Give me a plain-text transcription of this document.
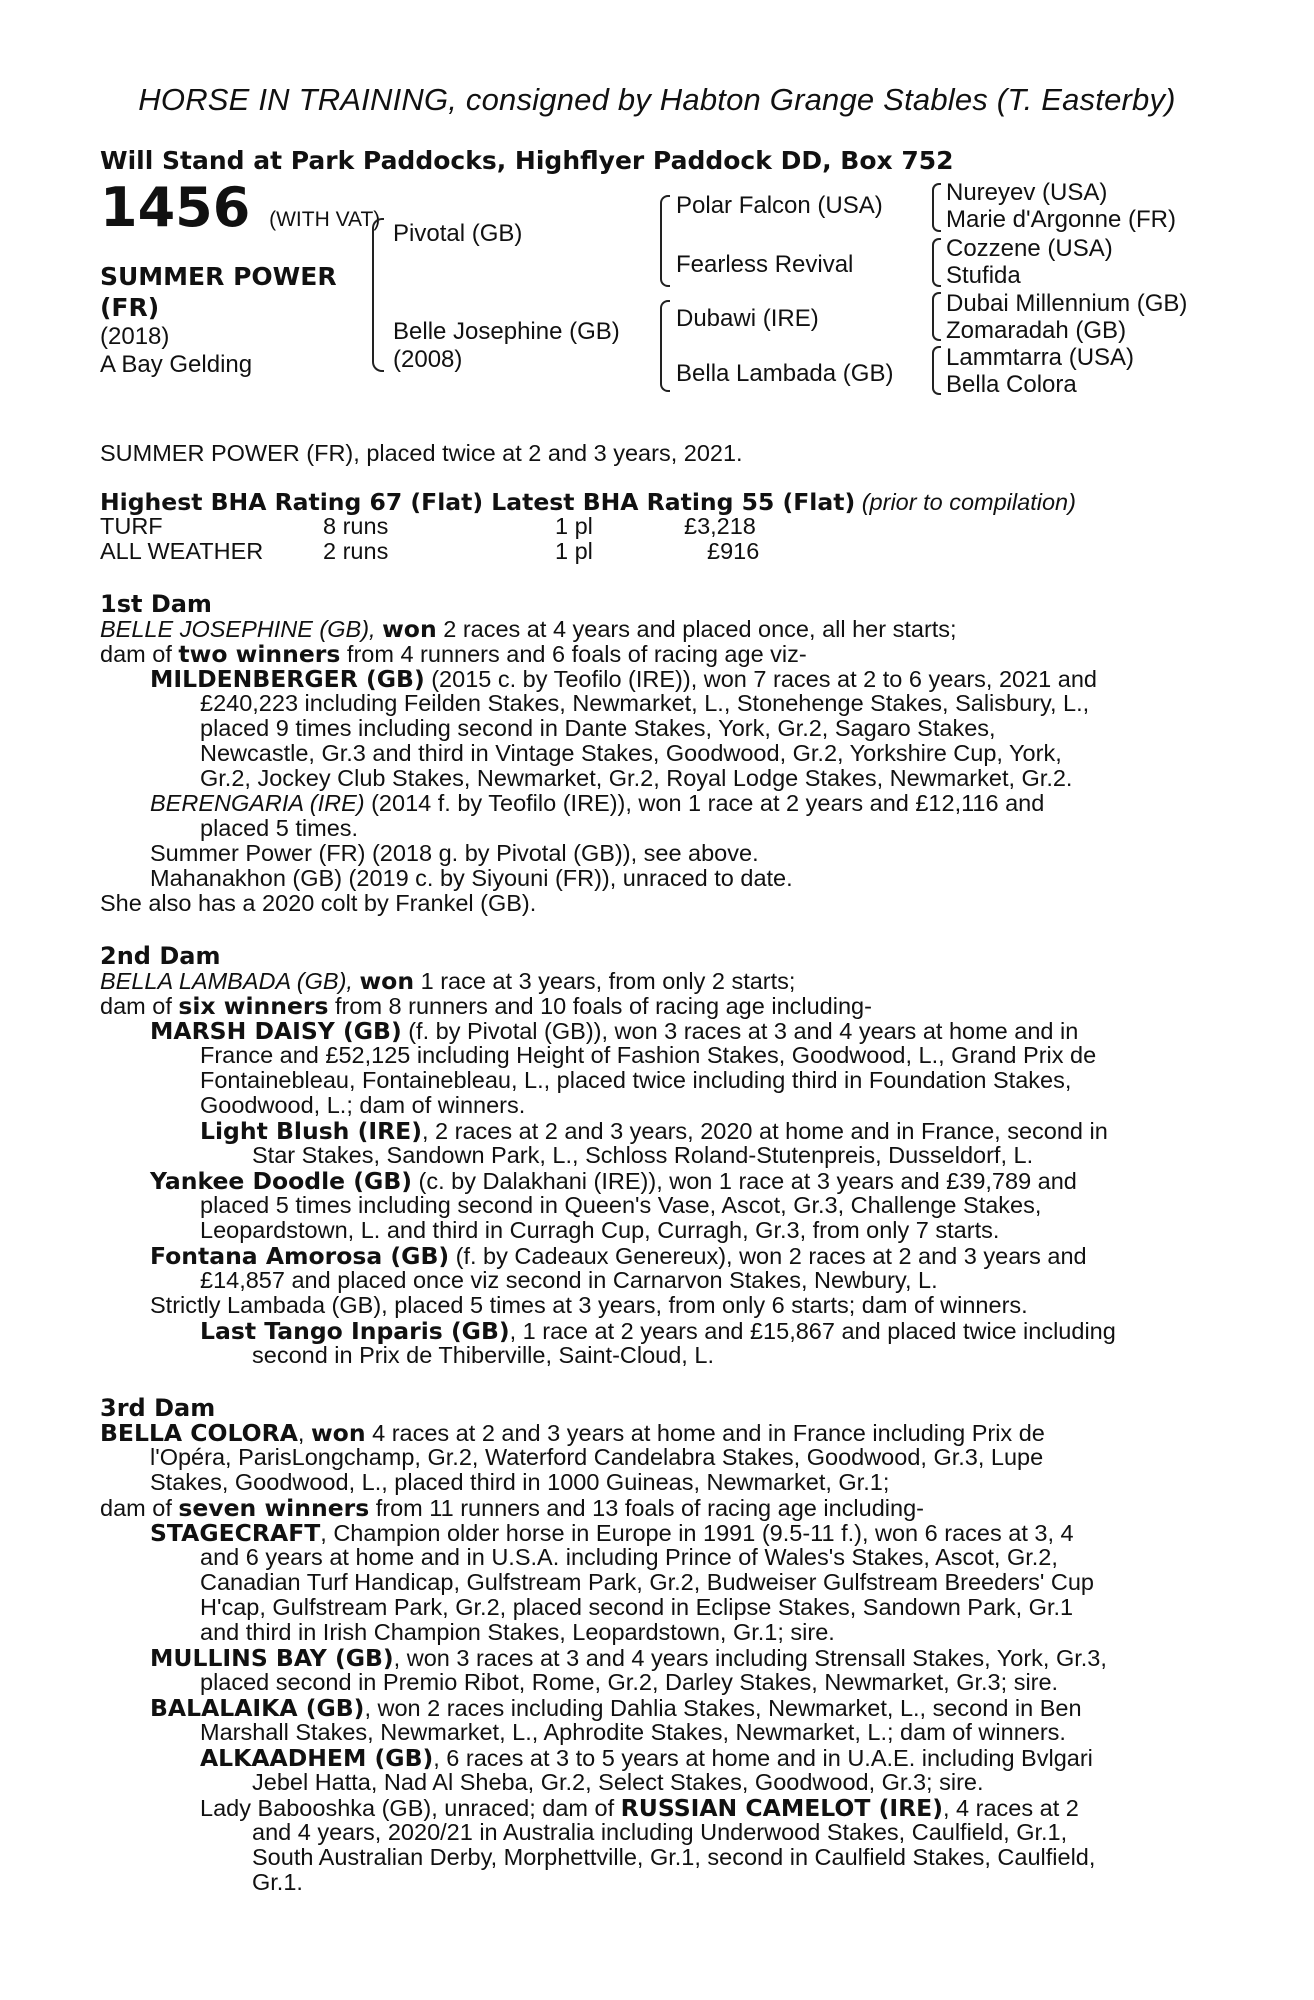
HORSE IN TRAINING, consigned by Habton Grange Stables (T. Easterby)
Will Stand at Park Paddocks, Highflyer Paddock DD, Box 752
1456 (WITH VAT)
SUMMER POWER (FR)
(2018)
A Bay Gelding
Pivotal (GB)
Belle Josephine (GB)
(2008)
Polar Falcon (USA)
Fearless Revival
Dubawi (IRE)
Bella Lambada (GB)
Nureyev (USA)
Marie d'Argonne (FR)
Cozzene (USA)
Stufida
Dubai Millennium (GB)
Zomaradah (GB)
Lammtarra (USA)
Bella Colora
SUMMER POWER (FR), placed twice at 2 and 3 years, 2021.
Highest BHA Rating 67 (Flat) Latest BHA Rating 55 (Flat) (prior to compilation)
TURF	8 runs	1 pl	£3,218
ALL WEATHER	2 runs	1 pl	£916
1st Dam
BELLE JOSEPHINE (GB), won 2 races at 4 years and placed once, all her starts;
dam of two winners from 4 runners and 6 foals of racing age viz-
MILDENBERGER (GB) (2015 c. by Teofilo (IRE)), won 7 races at 2 to 6 years, 2021 and
£240,223 including Feilden Stakes, Newmarket, L., Stonehenge Stakes, Salisbury, L.,
placed 9 times including second in Dante Stakes, York, Gr.2, Sagaro Stakes,
Newcastle, Gr.3 and third in Vintage Stakes, Goodwood, Gr.2, Yorkshire Cup, York,
Gr.2, Jockey Club Stakes, Newmarket, Gr.2, Royal Lodge Stakes, Newmarket, Gr.2.
BERENGARIA (IRE) (2014 f. by Teofilo (IRE)), won 1 race at 2 years and £12,116 and
placed 5 times.
Summer Power (FR) (2018 g. by Pivotal (GB)), see above.
Mahanakhon (GB) (2019 c. by Siyouni (FR)), unraced to date.
She also has a 2020 colt by Frankel (GB).
2nd Dam
BELLA LAMBADA (GB), won 1 race at 3 years, from only 2 starts;
dam of six winners from 8 runners and 10 foals of racing age including-
MARSH DAISY (GB) (f. by Pivotal (GB)), won 3 races at 3 and 4 years at home and in
France and £52,125 including Height of Fashion Stakes, Goodwood, L., Grand Prix de
Fontainebleau, Fontainebleau, L., placed twice including third in Foundation Stakes,
Goodwood, L.; dam of winners.
Light Blush (IRE), 2 races at 2 and 3 years, 2020 at home and in France, second in
Star Stakes, Sandown Park, L., Schloss Roland-Stutenpreis, Dusseldorf, L.
Yankee Doodle (GB) (c. by Dalakhani (IRE)), won 1 race at 3 years and £39,789 and
placed 5 times including second in Queen's Vase, Ascot, Gr.3, Challenge Stakes,
Leopardstown, L. and third in Curragh Cup, Curragh, Gr.3, from only 7 starts.
Fontana Amorosa (GB) (f. by Cadeaux Genereux), won 2 races at 2 and 3 years and
£14,857 and placed once viz second in Carnarvon Stakes, Newbury, L.
Strictly Lambada (GB), placed 5 times at 3 years, from only 6 starts; dam of winners.
Last Tango Inparis (GB), 1 race at 2 years and £15,867 and placed twice including
second in Prix de Thiberville, Saint-Cloud, L.
3rd Dam
BELLA COLORA, won 4 races at 2 and 3 years at home and in France including Prix de
l'Opéra, ParisLongchamp, Gr.2, Waterford Candelabra Stakes, Goodwood, Gr.3, Lupe
Stakes, Goodwood, L., placed third in 1000 Guineas, Newmarket, Gr.1;
dam of seven winners from 11 runners and 13 foals of racing age including-
STAGECRAFT, Champion older horse in Europe in 1991 (9.5-11 f.), won 6 races at 3, 4
and 6 years at home and in U.S.A. including Prince of Wales's Stakes, Ascot, Gr.2,
Canadian Turf Handicap, Gulfstream Park, Gr.2, Budweiser Gulfstream Breeders' Cup
H'cap, Gulfstream Park, Gr.2, placed second in Eclipse Stakes, Sandown Park, Gr.1
and third in Irish Champion Stakes, Leopardstown, Gr.1; sire.
MULLINS BAY (GB), won 3 races at 3 and 4 years including Strensall Stakes, York, Gr.3,
placed second in Premio Ribot, Rome, Gr.2, Darley Stakes, Newmarket, Gr.3; sire.
BALALAIKA (GB), won 2 races including Dahlia Stakes, Newmarket, L., second in Ben
Marshall Stakes, Newmarket, L., Aphrodite Stakes, Newmarket, L.; dam of winners.
ALKAADHEM (GB), 6 races at 3 to 5 years at home and in U.A.E. including Bvlgari
Jebel Hatta, Nad Al Sheba, Gr.2, Select Stakes, Goodwood, Gr.3; sire.
Lady Babooshka (GB), unraced; dam of RUSSIAN CAMELOT (IRE), 4 races at 2
and 4 years, 2020/21 in Australia including Underwood Stakes, Caulfield, Gr.1,
South Australian Derby, Morphettville, Gr.1, second in Caulfield Stakes, Caulfield,
Gr.1.
